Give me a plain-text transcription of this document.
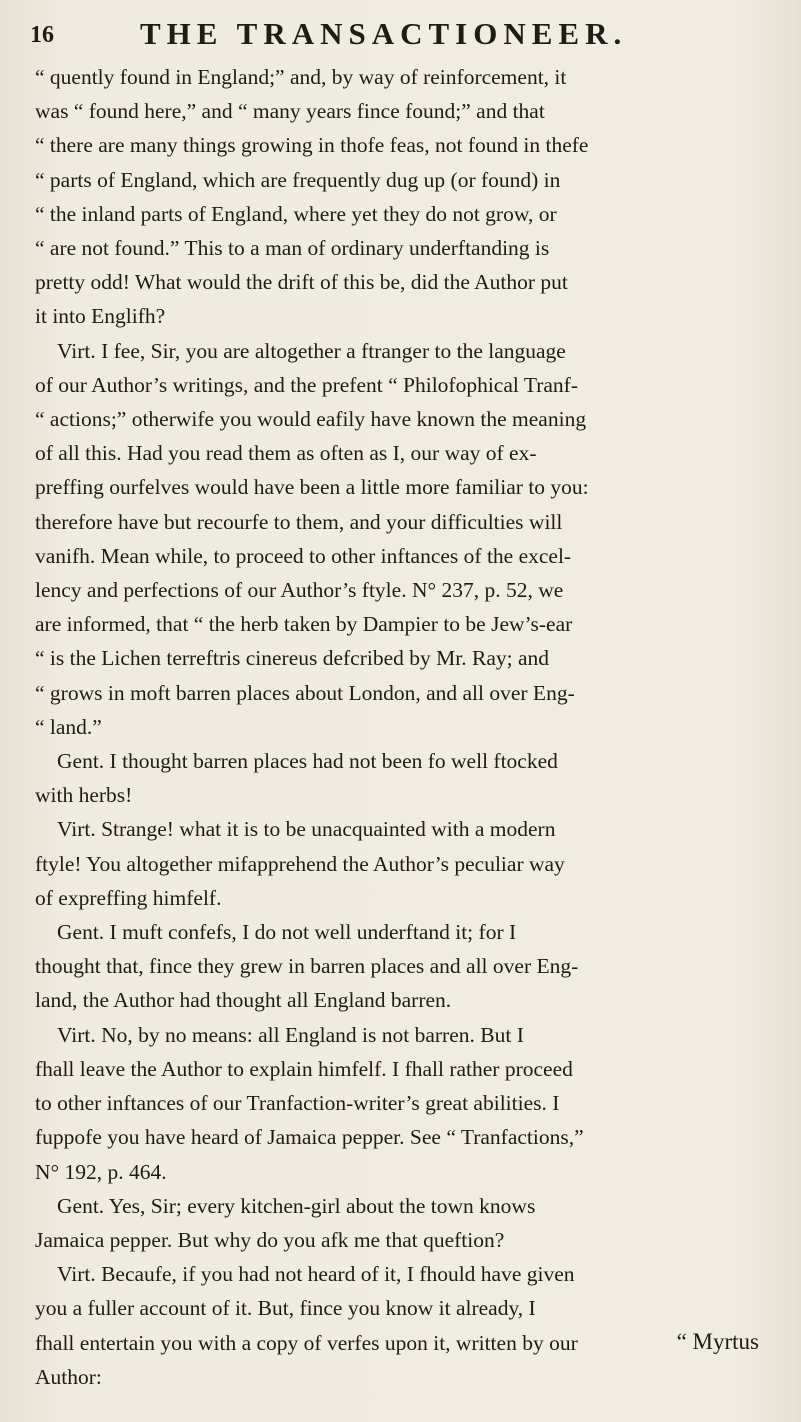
16	THE TRANSACTIONEER.

“ quently found in England;” and, by way of reinforcement, it
was “ found here,” and “ many years fince found;” and that
“ there are many things growing in thofe feas, not found in thefe
“ parts of England, which are frequently dug up (or found) in
“ the inland parts of England, where yet they do not grow, or
“ are not found.” This to a man of ordinary underftanding is
pretty odd! What would the drift of this be, did the Author put
it into Englifh?

Virt. I fee, Sir, you are altogether a ftranger to the language
of our Author’s writings, and the prefent “ Philofophical Tranf-
“ actions;” otherwife you would eafily have known the meaning
of all this. Had you read them as often as I, our way of ex-
preffing ourfelves would have been a little more familiar to you:
therefore have but recourfe to them, and your difficulties will
vanifh. Mean while, to proceed to other inftances of the excel-
lency and perfections of our Author’s ftyle. N° 237, p. 52, we
are informed, that “ the herb taken by Dampier to be Jew’s-ear
“ is the Lichen terreftris cinereus defcribed by Mr. Ray; and
“ grows in moft barren places about London, and all over Eng-
“ land.”

Gent. I thought barren places had not been fo well ftocked
with herbs!

Virt. Strange! what it is to be unacquainted with a modern
ftyle! You altogether mifapprehend the Author’s peculiar way
of expreffing himfelf.

Gent. I muft confefs, I do not well underftand it; for I
thought that, fince they grew in barren places and all over Eng-
land, the Author had thought all England barren.

Virt. No, by no means: all England is not barren. But I
fhall leave the Author to explain himfelf. I fhall rather proceed
to other inftances of our Tranfaction-writer’s great abilities. I
fuppofe you have heard of Jamaica pepper. See “ Tranfactions,”
N° 192, p. 464.

Gent. Yes, Sir; every kitchen-girl about the town knows
Jamaica pepper. But why do you afk me that queftion?

Virt. Becaufe, if you had not heard of it, I fhould have given
you a fuller account of it. But, fince you know it already, I
fhall entertain you with a copy of verfes upon it, written by our
Author:

“ Myrtus
